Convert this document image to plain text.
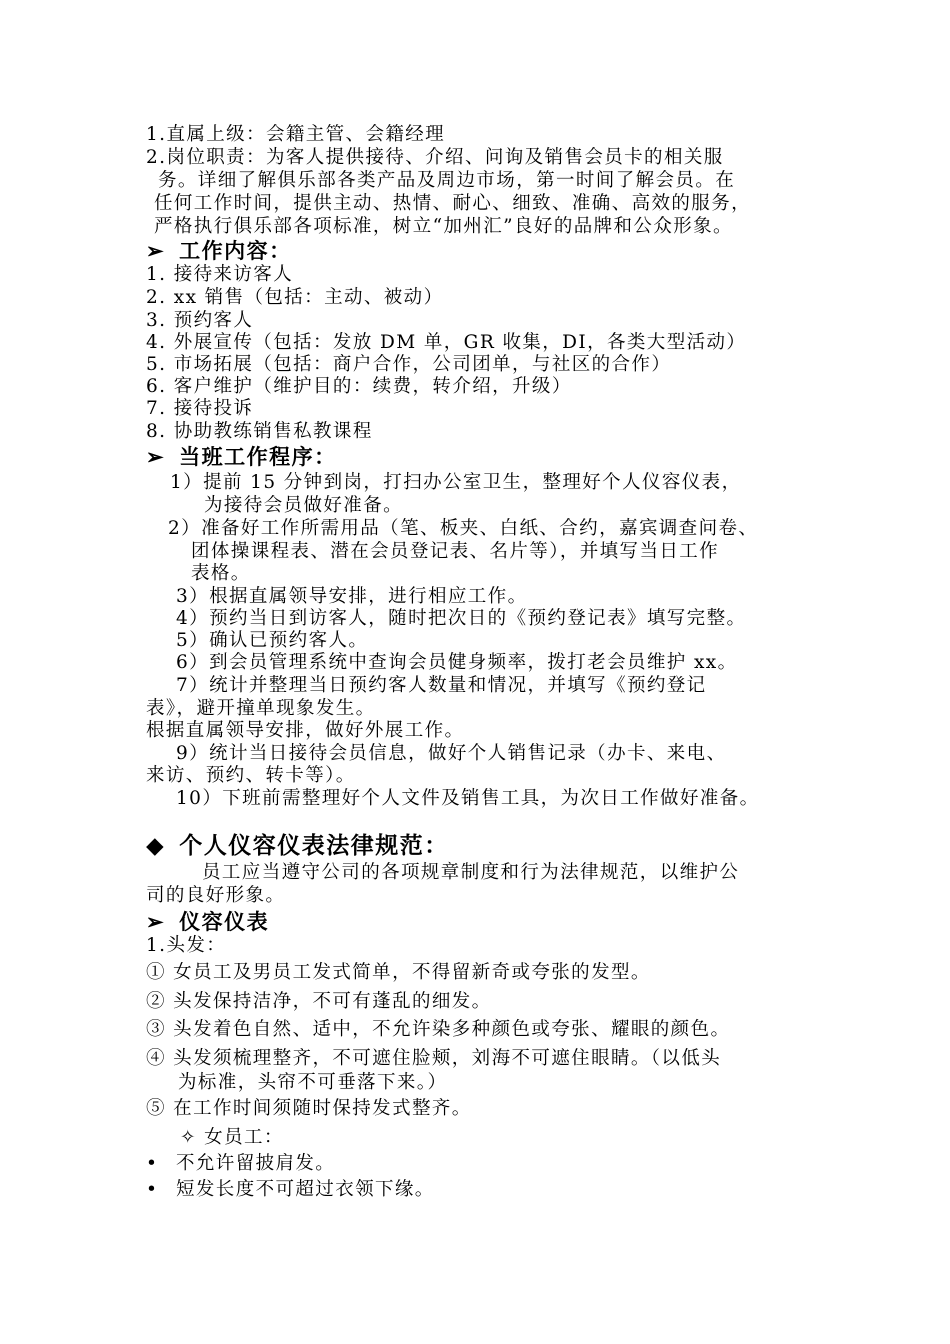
1.直属上级：会籍主管、会籍经理
2.岗位职责：为客人提供接待、介绍、问询及销售会员卡的相关服
务。详细了解俱乐部各类产品及周边市场，第一时间了解会员。在
任何工作时间，提供主动、热情、耐心、细致、准确、高效的服务，
严格执行俱乐部各项标准，树立“加州汇”良好的品牌和公众形象。
➢ 工作内容：
1. 接待来访客人
2. xx 销售（包括：主动、被动）
3. 预约客人
4. 外展宣传（包括：发放 DM 单，GR 收集，DI，各类大型活动）
5. 市场拓展（包括：商户合作，公司团单，与社区的合作）
6. 客户维护（维护目的：续费，转介绍，升级）
7. 接待投诉
8. 协助教练销售私教课程
➢ 当班工作程序：
1）提前 15 分钟到岗，打扫办公室卫生，整理好个人仪容仪表，
为接待会员做好准备。
2）准备好工作所需用品（笔、板夹、白纸、合约，嘉宾调查问卷、
团体操课程表、潜在会员登记表、名片等），并填写当日工作
表格。
3）根据直属领导安排，进行相应工作。
4）预约当日到访客人，随时把次日的《预约登记表》填写完整。
5）确认已预约客人。
6）到会员管理系统中查询会员健身频率，拨打老会员维护 xx。
7）统计并整理当日预约客人数量和情况，并填写《预约登记
表》，避开撞单现象发生。
根据直属领导安排，做好外展工作。
9）统计当日接待会员信息，做好个人销售记录（办卡、来电、
来访、预约、转卡等）。
10）下班前需整理好个人文件及销售工具，为次日工作做好准备。
◆ 个人仪容仪表法律规范：
员工应当遵守公司的各项规章制度和行为法律规范，以维护公
司的良好形象。
➢ 仪容仪表
1.头发：
① 女员工及男员工发式简单，不得留新奇或夸张的发型。
② 头发保持洁净，不可有蓬乱的细发。
③ 头发着色自然、适中，不允许染多种颜色或夸张、耀眼的颜色。
④ 头发须梳理整齐，不可遮住脸颊，刘海不可遮住眼睛。（以低头
为标准，头帘不可垂落下来。）
⑤ 在工作时间须随时保持发式整齐。
✧ 女员工：
• 不允许留披肩发。
• 短发长度不可超过衣领下缘。
